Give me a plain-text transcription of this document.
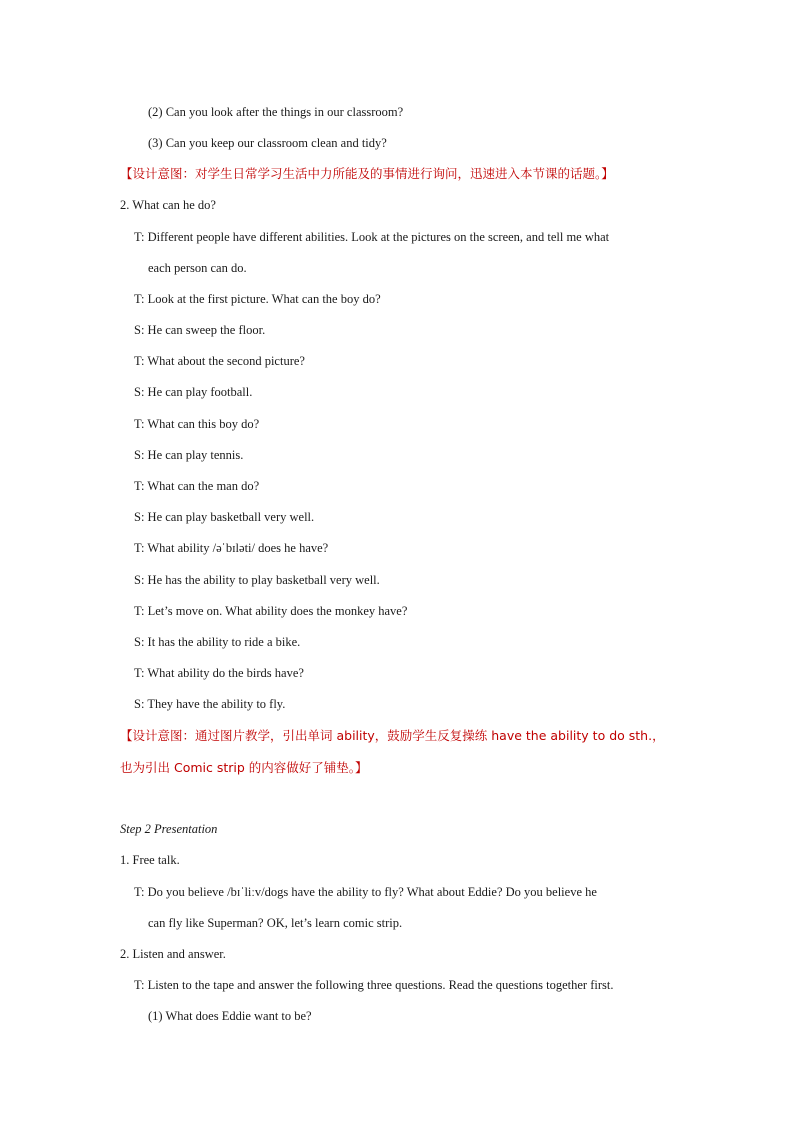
(2) Can you look after the things in our classroom?
(3) Can you keep our classroom clean and tidy?
【设计意图：对学生日常学习生活中力所能及的事情进行询问，迅速进入本节课的话题。】
2. What can he do?
T: Different people have different abilities. Look at the pictures on the screen, and tell me what
each person can do.
T: Look at the first picture. What can the boy do?
S: He can sweep the floor.
T: What about the second picture?
S: He can play football.
T: What can this boy do?
S: He can play tennis.
T: What can the man do?
S: He can play basketball very well.
T: What ability /əˈbɪləti/ does he have?
S: He has the ability to play basketball very well.
T: Let’s move on. What ability does the monkey have?
S: It has the ability to ride a bike.
T: What ability do the birds have?
S: They have the ability to fly.
【设计意图：通过图片教学，引出单词 ability，鼓励学生反复操练 have the ability to do sth.，
也为引出 Comic strip 的内容做好了铺垫。】
Step 2 Presentation
1. Free talk.
T: Do you believe /bɪˈliːv/dogs have the ability to fly? What about Eddie? Do you believe he
can fly like Superman? OK, let’s learn comic strip.
2. Listen and answer.
T: Listen to the tape and answer the following three questions. Read the questions together first.
(1) What does Eddie want to be?
